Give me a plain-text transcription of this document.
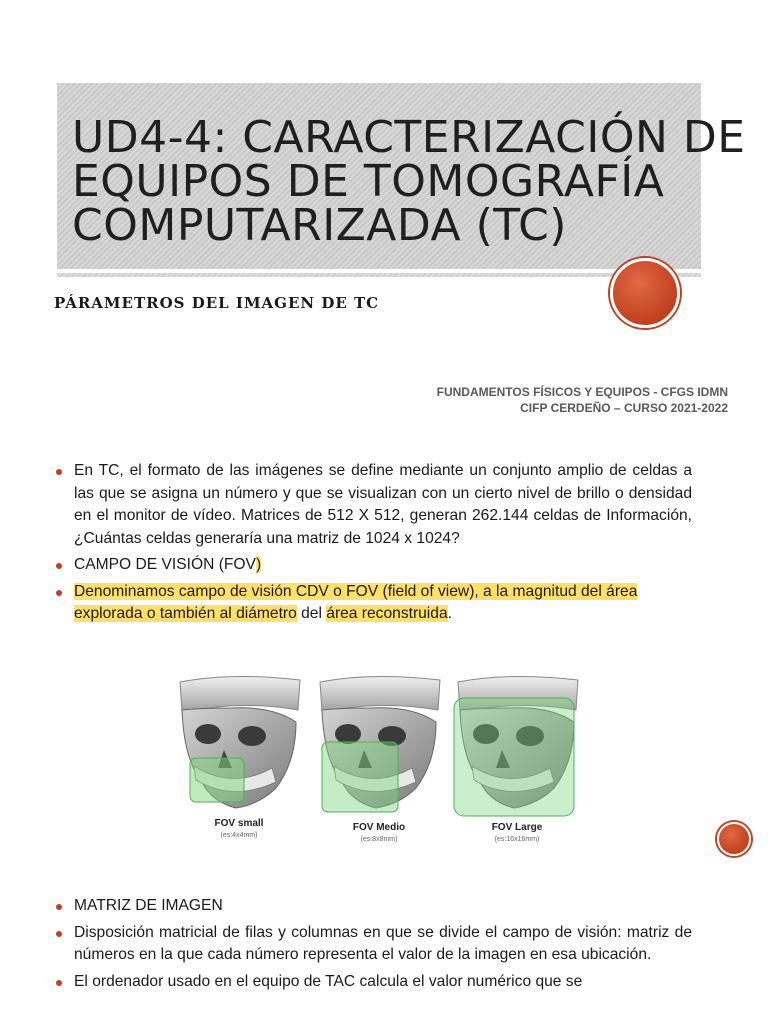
UD4-4: CARACTERIZACIÓN DE
EQUIPOS DE TOMOGRAFÍA
COMPUTARIZADA (TC)
PÁRAMETROS DEL IMAGEN DE TC
FUNDAMENTOS FÍSICOS Y EQUIPOS - CFGS IDMN
CIFP CERDEÑO – CURSO 2021-2022
En TC, el formato de las imágenes se define mediante un conjunto amplio de celdas a las que se asigna un número y que se visualizan con un cierto nivel de brillo o densidad en el monitor de vídeo. Matrices de 512 X 512, generan 262.144 celdas de Información, ¿Cuántas celdas generaría una matriz de 1024 x 1024?
CAMPO DE VISIÓN (FOV)
Denominamos campo de visión CDV o FOV (field of view), a la magnitud del área explorada o también al diámetro del área reconstruida.
FOV small
(es:4x4mm)
FOV Medio
(es:8x8mm)
FOV Large
(es:16x16mm)
MATRIZ DE IMAGEN
Disposición matricial de filas y columnas en que se divide el campo de visión: matriz de números en la que cada número representa el valor de la imagen en esa ubicación.
El ordenador usado en el equipo de TAC calcula el valor numérico que se
